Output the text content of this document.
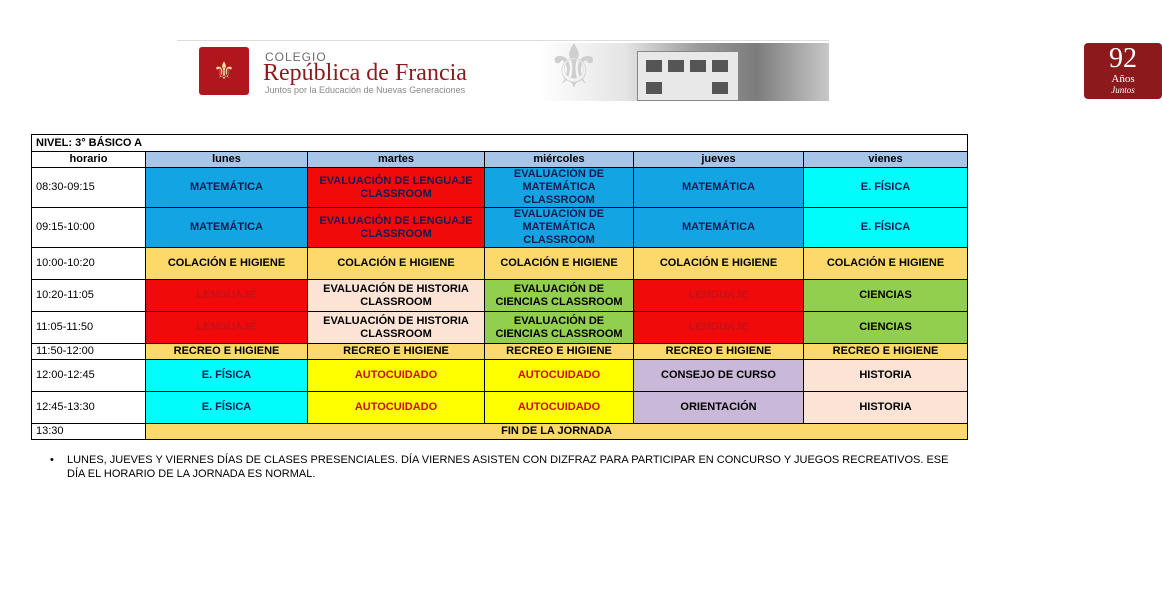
⚜	COLEGIO
República de Francia
Juntos por la Educación de Nuevas Generaciones ⚜	92
Años
Juntos
NIVEL: 3° BÁSICO A					
horario	lunes	martes	miércoles	jueves	vienes
08:30-09:15	MATEMÁTICA	EVALUACIÓN DE LENGUAJE CLASSROOM	EVALUACIÓN DE MATEMÁTICA CLASSROOM	MATEMÁTICA	E. FÍSICA
09:15-10:00	MATEMÁTICA	EVALUACIÓN DE LENGUAJE CLASSROOM	EVALUACIÓN DE MATEMÁTICA CLASSROOM	MATEMÁTICA	E. FÍSICA
10:00-10:20	COLACIÓN E HIGIENE	COLACIÓN E HIGIENE	COLACIÓN E HIGIENE	COLACIÓN E HIGIENE	COLACIÓN E HIGIENE
10:20-11:05	LENGUAJE	EVALUACIÓN DE HISTORIA CLASSROOM	EVALUACIÓN DE CIENCIAS CLASSROOM	LENGUAJE	CIENCIAS
11:05-11:50	LENGUAJE	EVALUACIÓN DE HISTORIA CLASSROOM	EVALUACIÓN DE CIENCIAS CLASSROOM	LENGUAJE	CIENCIAS
11:50-12:00	RECREO E HIGIENE	RECREO E HIGIENE	RECREO E HIGIENE	RECREO E HIGIENE	RECREO E HIGIENE
12:00-12:45	E. FÍSICA	AUTOCUIDADO	AUTOCUIDADO	CONSEJO DE CURSO	HISTORIA
12:45-13:30	E. FÍSICA	AUTOCUIDADO	AUTOCUIDADO	ORIENTACIÓN	HISTORIA
13:30	FIN DE LA JORNADA				
• LUNES, JUEVES Y VIERNES DÍAS DE CLASES PRESENCIALES. DÍA VIERNES ASISTEN CON DIZFRAZ PARA PARTICIPAR EN CONCURSO Y JUEGOS RECREATIVOS. ESE DÍA EL HORARIO DE LA JORNADA ES NORMAL.
